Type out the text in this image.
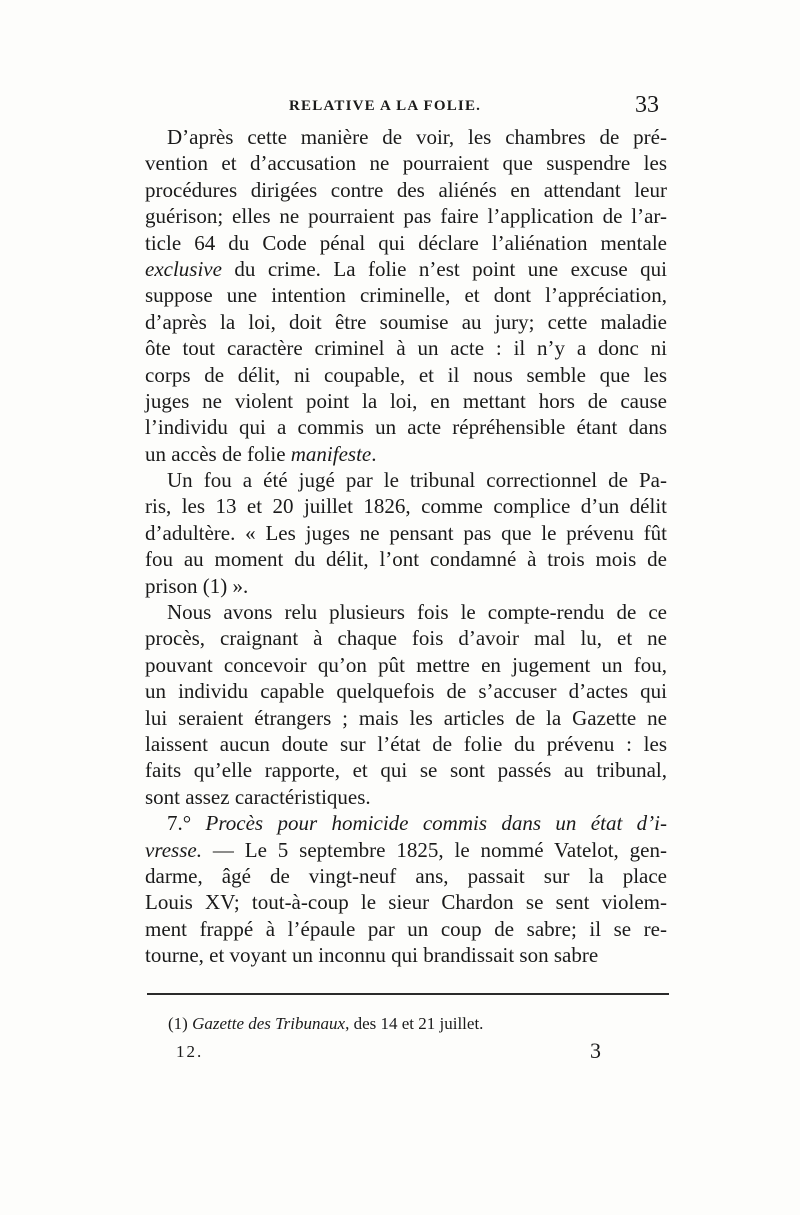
RELATIVE A LA FOLIE.	33
D’après cette manière de voir, les chambres de pré-
vention et d’accusation ne pourraient que suspendre les
procédures dirigées contre des aliénés en attendant leur
guérison; elles ne pourraient pas faire l’application de l’ar-
ticle 64 du Code pénal qui déclare l’aliénation mentale
exclusive du crime. La folie n’est point une excuse qui
suppose une intention criminelle, et dont l’appréciation,
d’après la loi, doit être soumise au jury; cette maladie
ôte tout caractère criminel à un acte : il n’y a donc ni
corps de délit, ni coupable, et il nous semble que les
juges ne violent point la loi, en mettant hors de cause
l’individu qui a commis un acte répréhensible étant dans
un accès de folie manifeste.
Un fou a été jugé par le tribunal correctionnel de Pa-
ris, les 13 et 20 juillet 1826, comme complice d’un délit
d’adultère. « Les juges ne pensant pas que le prévenu fût
fou au moment du délit, l’ont condamné à trois mois de
prison (1) ».
Nous avons relu plusieurs fois le compte-rendu de ce
procès, craignant à chaque fois d’avoir mal lu, et ne
pouvant concevoir qu’on pût mettre en jugement un fou,
un individu capable quelquefois de s’accuser d’actes qui
lui seraient étrangers ; mais les articles de la Gazette ne
laissent aucun doute sur l’état de folie du prévenu : les
faits qu’elle rapporte, et qui se sont passés au tribunal,
sont assez caractéristiques.
7.° Procès pour homicide commis dans un état d’i-
vresse. — Le 5 septembre 1825, le nommé Vatelot, gen-
darme, âgé de vingt-neuf ans, passait sur la place
Louis XV; tout-à-coup le sieur Chardon se sent violem-
ment frappé à l’épaule par un coup de sabre; il se re-
tourne, et voyant un inconnu qui brandissait son sabre
(1) Gazette des Tribunaux, des 14 et 21 juillet.
12.	3
